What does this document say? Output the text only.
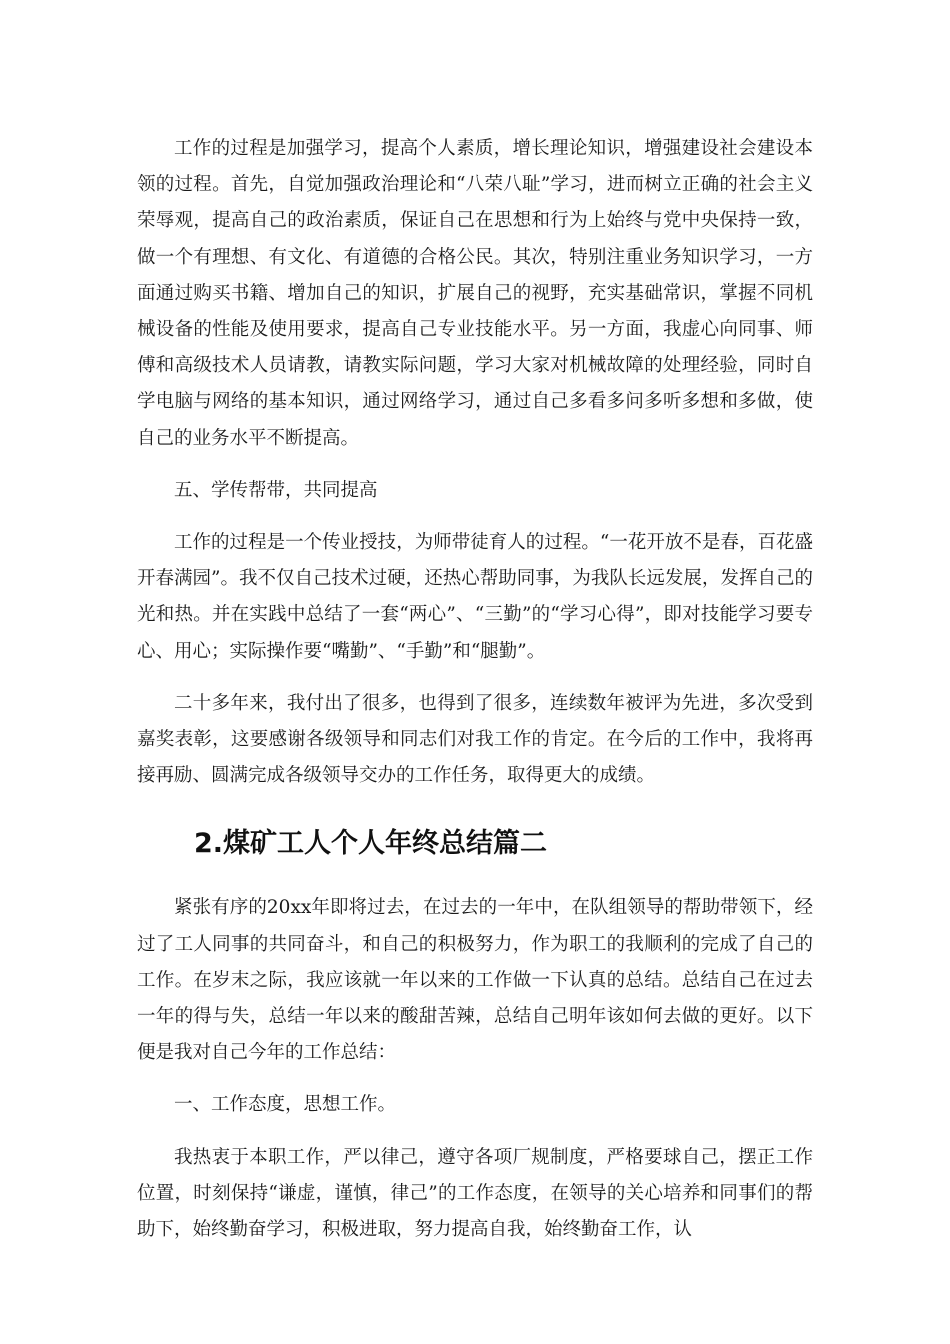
工作的过程是加强学习，提高个人素质，增长理论知识，增强建设社会建设本领的过程。首先，自觉加强政治理论和“八荣八耻”学习，进而树立正确的社会主义荣辱观，提高自己的政治素质，保证自己在思想和行为上始终与党中央保持一致，做一个有理想、有文化、有道德的合格公民。其次，特别注重业务知识学习，一方面通过购买书籍、增加自己的知识，扩展自己的视野，充实基础常识，掌握不同机械设备的性能及使用要求，提高自己专业技能水平。另一方面，我虚心向同事、师傅和高级技术人员请教，请教实际问题，学习大家对机械故障的处理经验，同时自学电脑与网络的基本知识，通过网络学习，通过自己多看多问多听多想和多做，使自己的业务水平不断提高。

五、学传帮带，共同提高

工作的过程是一个传业授技，为师带徒育人的过程。“一花开放不是春，百花盛开春满园”。我不仅自己技术过硬，还热心帮助同事，为我队长远发展，发挥自己的光和热。并在实践中总结了一套“两心”、“三勤”的“学习心得”，即对技能学习要专心、用心；实际操作要“嘴勤”、“手勤”和“腿勤”。

二十多年来，我付出了很多，也得到了很多，连续数年被评为先进，多次受到嘉奖表彰，这要感谢各级领导和同志们对我工作的肯定。在今后的工作中，我将再接再励、圆满完成各级领导交办的工作任务，取得更大的成绩。

2.煤矿工人个人年终总结篇二

紧张有序的20xx年即将过去，在过去的一年中，在队组领导的帮助带领下，经过了工人同事的共同奋斗，和自己的积极努力，作为职工的我顺利的完成了自己的工作。在岁末之际，我应该就一年以来的工作做一下认真的总结。总结自己在过去一年的得与失，总结一年以来的酸甜苦辣，总结自己明年该如何去做的更好。以下便是我对自己今年的工作总结：

一、工作态度，思想工作。

我热衷于本职工作，严以律己，遵守各项厂规制度，严格要球自己，摆正工作位置，时刻保持“谦虚，谨慎，律己”的工作态度，在领导的关心培养和同事们的帮助下，始终勤奋学习，积极进取，努力提高自我，始终勤奋工作，认
